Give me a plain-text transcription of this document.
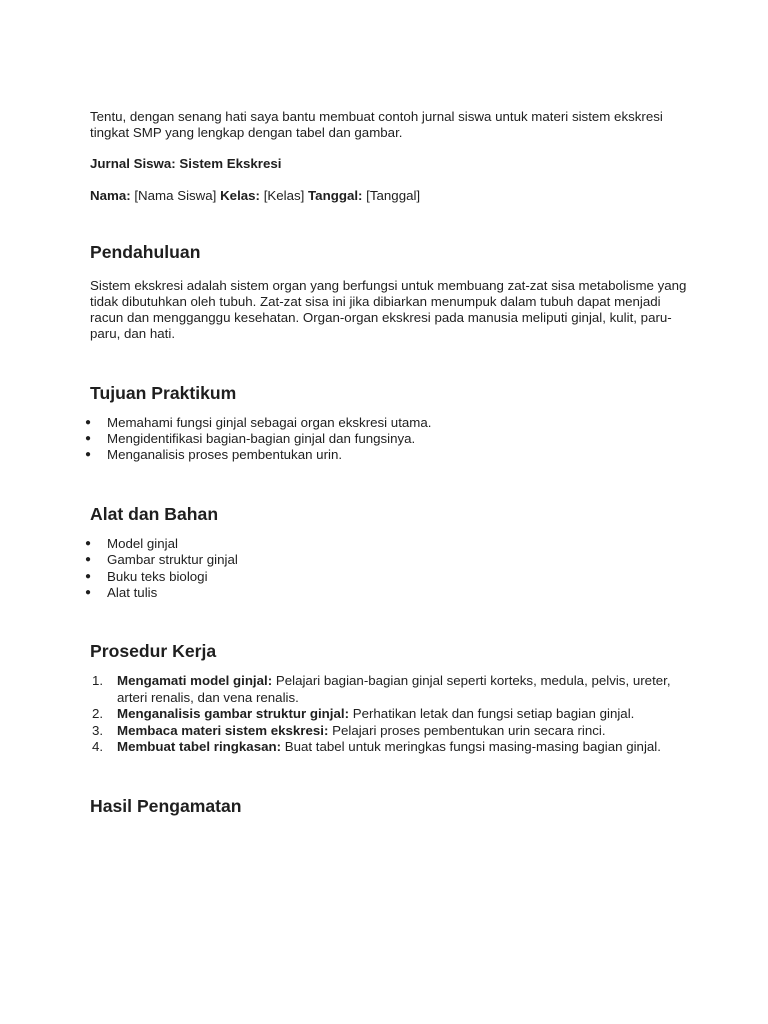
Tentu, dengan senang hati saya bantu membuat contoh jurnal siswa untuk materi sistem ekskresi tingkat SMP yang lengkap dengan tabel dan gambar.

Jurnal Siswa: Sistem Ekskresi

Nama: [Nama Siswa] Kelas: [Kelas] Tanggal: [Tanggal]

Pendahuluan

Sistem ekskresi adalah sistem organ yang berfungsi untuk membuang zat-zat sisa metabolisme yang tidak dibutuhkan oleh tubuh. Zat-zat sisa ini jika dibiarkan menumpuk dalam tubuh dapat menjadi racun dan mengganggu kesehatan. Organ-organ ekskresi pada manusia meliputi ginjal, kulit, paru-paru, dan hati.

Tujuan Praktikum
● Memahami fungsi ginjal sebagai organ ekskresi utama.
● Mengidentifikasi bagian-bagian ginjal dan fungsinya.
● Menganalisis proses pembentukan urin.
Alat dan Bahan
● Model ginjal
● Gambar struktur ginjal
● Buku teks biologi
● Alat tulis
Prosedur Kerja
1. Mengamati model ginjal: Pelajari bagian-bagian ginjal seperti korteks, medula, pelvis, ureter, arteri renalis, dan vena renalis.
2. Menganalisis gambar struktur ginjal: Perhatikan letak dan fungsi setiap bagian ginjal.
3. Membaca materi sistem ekskresi: Pelajari proses pembentukan urin secara rinci.
4. Membuat tabel ringkasan: Buat tabel untuk meringkas fungsi masing-masing bagian ginjal.
Hasil Pengamatan
